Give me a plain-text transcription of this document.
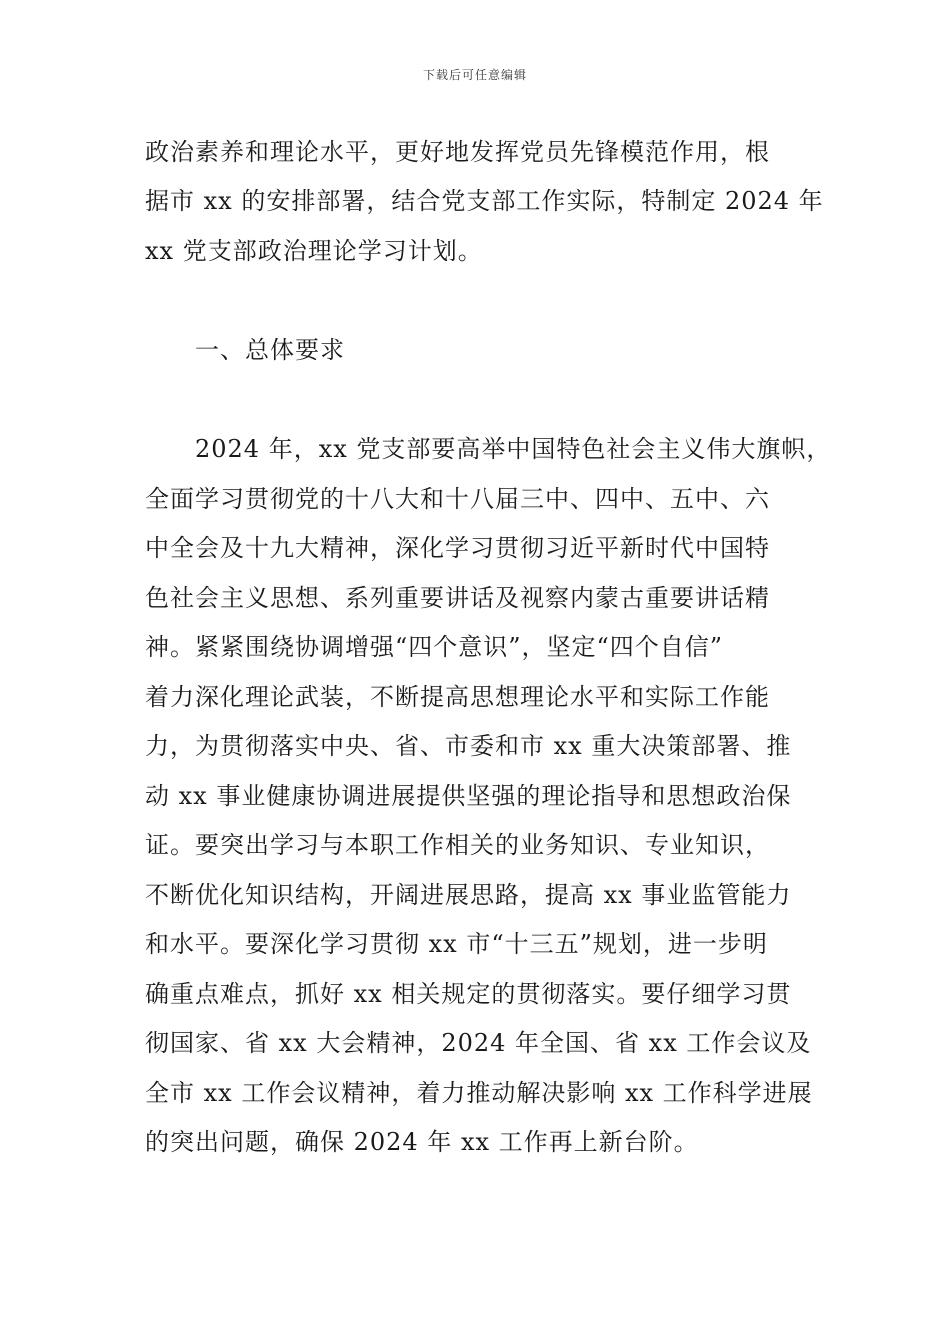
下载后可任意编辑
政治素养和理论水平，更好地发挥党员先锋模范作用，根
据市 xx 的安排部署，结合党支部工作实际，特制定 2024 年
xx 党支部政治理论学习计划。
一、总体要求
2024 年，xx 党支部要高举中国特色社会主义伟大旗帜，
全面学习贯彻党的十八大和十八届三中、四中、五中、六
中全会及十九大精神，深化学习贯彻习近平新时代中国特
色社会主义思想、系列重要讲话及视察内蒙古重要讲话精
神。紧紧围绕协调增强“四个意识”，坚定“四个自信”
着力深化理论武装，不断提高思想理论水平和实际工作能
力，为贯彻落实中央、省、市委和市 xx 重大决策部署、推
动 xx 事业健康协调进展提供坚强的理论指导和思想政治保
证。要突出学习与本职工作相关的业务知识、专业知识，
不断优化知识结构，开阔进展思路，提高 xx 事业监管能力
和水平。要深化学习贯彻 xx 市“十三五”规划，进一步明
确重点难点，抓好 xx 相关规定的贯彻落实。要仔细学习贯
彻国家、省 xx 大会精神，2024 年全国、省 xx 工作会议及
全市 xx 工作会议精神，着力推动解决影响 xx 工作科学进展
的突出问题，确保 2024 年 xx 工作再上新台阶。
